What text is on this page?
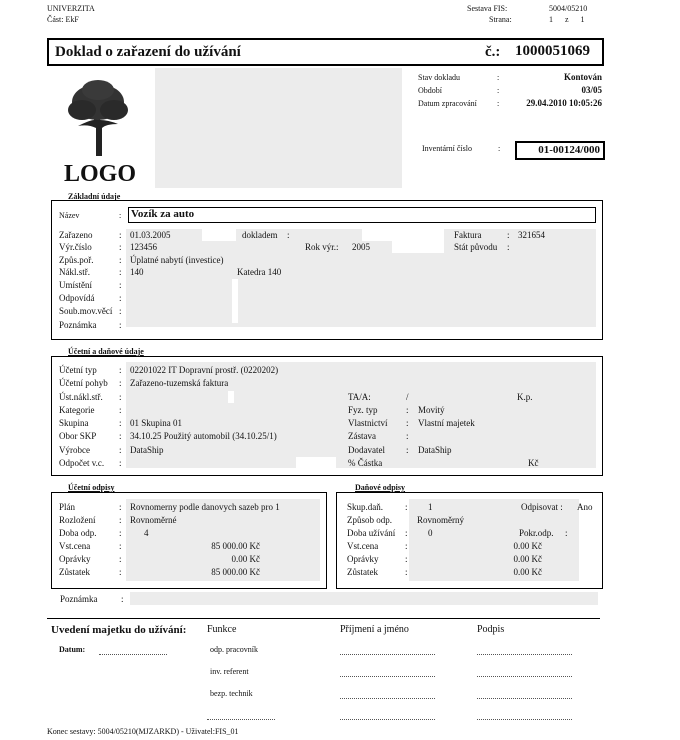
UNIVERZITA
Část: EkF
Sestava FIS:	5004/05210
Strana:	1 z 1
Doklad o zařazení do užívání	č.: 1000051069
LOGO
Stav dokladu	:	Kontován
Období	:	03/05
Datum zpracování	:	29.04.2010 10:05:26
Inventární číslo	:	01-00124/000
Základní údaje
Název	: Vozík za auto
Zařazeno	: 01.03.2005	dokladem :	Faktura	: 321654
Výr.číslo	: 123456	Rok výr.: 2005	Stát původu :
Způs.poř.	: Úplatné nabytí (investice)
Nákl.stř.	: 140	Katedra 140
Umístění	:
Odpovídá	:
Soub.mov.věcí :
Poznámka	:
Účetní a daňové údaje
Účetní typ : 02201022 IT Dopravní prostř. (0220202)
Účetní pohyb : Zařazeno-tuzemská faktura
Úst.nákl.stř. :	TA/A:	/	K.p.
Kategorie	:	Fyz. typ	: Movitý
Skupina	: 01 Skupina 01	Vlastnictví : Vlastní majetek
Obor SKP	: 34.10.25 Použitý automobil (34.10.25/1)	Zástava	:
Výrobce	: DataShip	Dodavatel : DataShip
Odpočet v.c. :	% Částka	Kč
Účetní odpisy
Plán	: Rovnomerny podle danovych sazeb pro 1
Rozložení	: Rovnoměrné
Doba odp.	: 4
Vst.cena	:	85 000.00 Kč
Oprávky	:	0.00 Kč
Zůstatek	:	85 000.00 Kč
Daňové odpisy
Skup.daň. : 1	Odpisovat : Ano
Způsob odp.	Rovnoměrný
Doba užívání : 0	Pokr.odp. :
Vst.cena	:	0.00 Kč
Oprávky	:	0.00 Kč
Zůstatek	:	0.00 Kč
Poznámka	:
Uvedení majetku do užívání: Funkce	Příjmení a jméno	Podpis
Datum:	odp. pracovník
inv. referent
bezp. technik
Konec sestavy: 5004/05210(MJZARKD) - Uživatel:FIS_01
